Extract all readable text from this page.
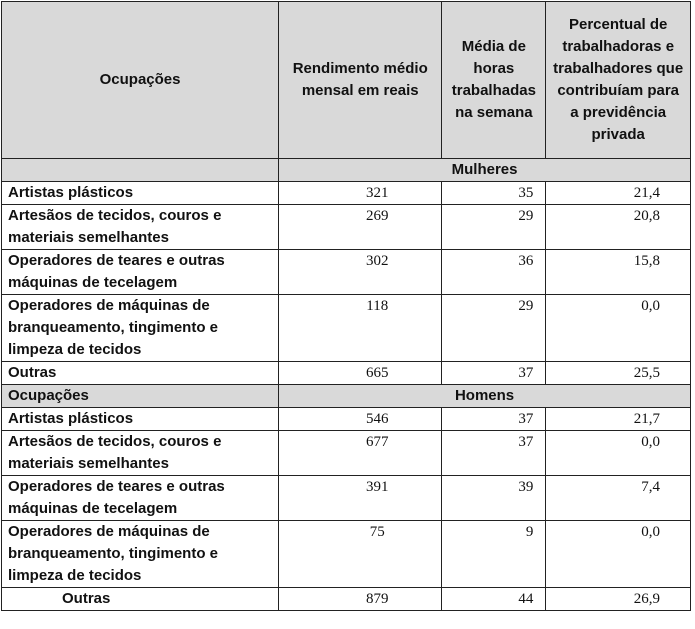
Ocupações	Rendimento médio mensal em reais	Média de horas trabalhadas na semana	Percentual de trabalhadoras e trabalhadores que contribuíam para a previdência privada
	Mulheres		
Artistas plásticos	321	35	21,4
Artesãos de tecidos, couros e materiais semelhantes	269	29	20,8
Operadores de teares e outras máquinas de tecelagem	302	36	15,8
Operadores de máquinas de branqueamento, tingimento e limpeza de tecidos	118	29	0,0
Outras	665	37	25,5
Ocupações	Homens		
Artistas plásticos	546	37	21,7
Artesãos de tecidos, couros e materiais semelhantes	677	37	0,0
Operadores de teares e outras máquinas de tecelagem	391	39	7,4
Operadores de máquinas de branqueamento, tingimento e limpeza de tecidos	75	9	0,0
Outras	879	44	26,9
